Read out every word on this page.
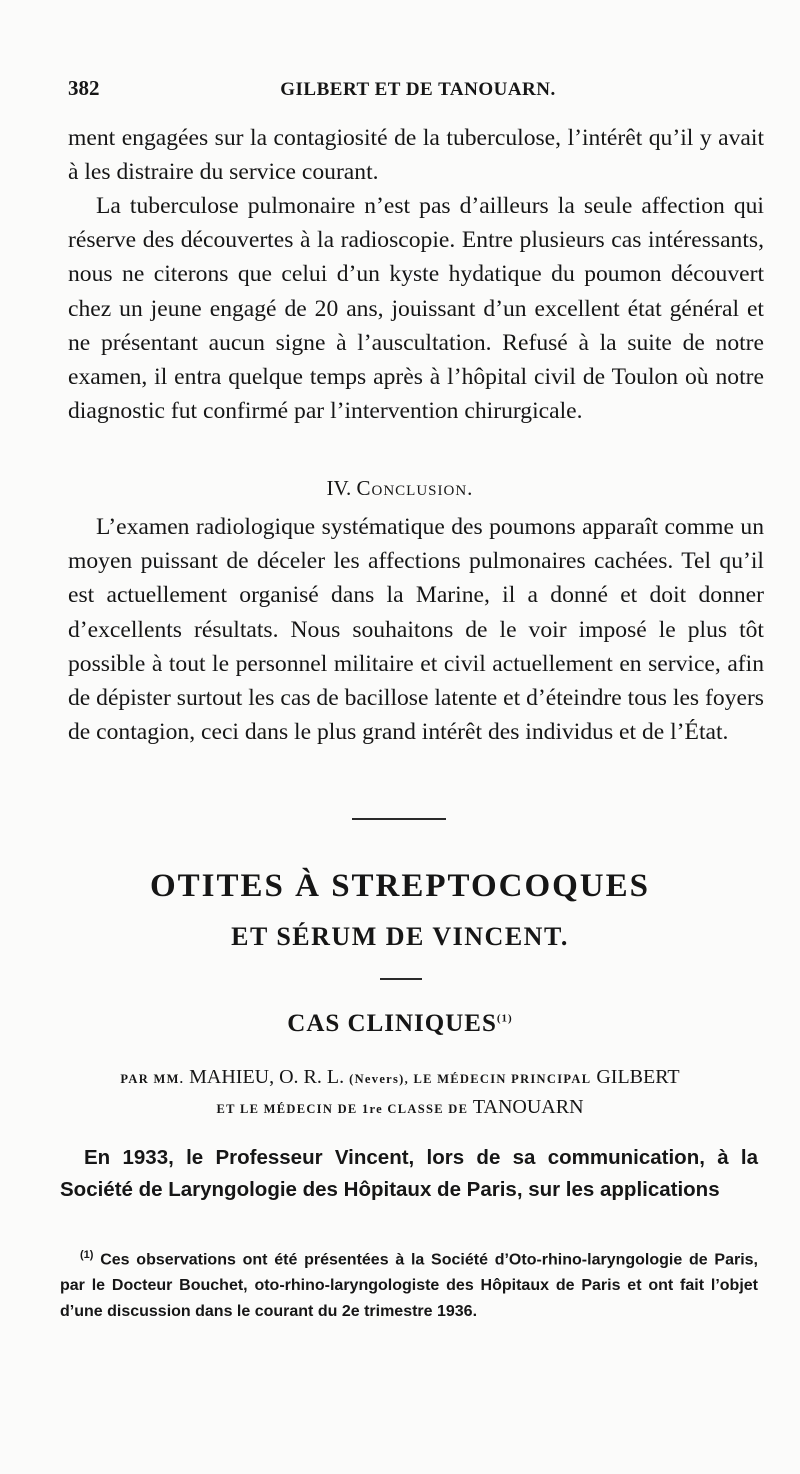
382	GILBERT ET DE TANOUARN.

ment engagées sur la contagiosité de la tuberculose, l’intérêt qu’il y avait à les distraire du service courant.

La tuberculose pulmonaire n’est pas d’ailleurs la seule affection qui réserve des découvertes à la radioscopie. Entre plusieurs cas intéressants, nous ne citerons que celui d’un kyste hydatique du poumon découvert chez un jeune engagé de 20 ans, jouissant d’un excellent état général et ne présentant aucun signe à l’auscultation. Refusé à la suite de notre examen, il entra quelque temps après à l’hôpital civil de Toulon où notre diagnostic fut confirmé par l’intervention chirurgicale.

IV. Conclusion.

L’examen radiologique systématique des poumons apparaît comme un moyen puissant de déceler les affections pulmonaires cachées. Tel qu’il est actuellement organisé dans la Marine, il a donné et doit donner d’excellents résultats. Nous souhaitons de le voir imposé le plus tôt possible à tout le personnel militaire et civil actuellement en service, afin de dépister surtout les cas de bacillose latente et d’éteindre tous les foyers de contagion, ceci dans le plus grand intérêt des individus et de l’État.

OTITES À STREPTOCOQUES
ET SÉRUM DE VINCENT.
CAS CLINIQUES$^{(1)}$

PAR MM. MAHIEU, O. R. L. (Nevers), LE MÉDECIN PRINCIPAL GILBERT

ET LE MÉDECIN DE 1re CLASSE DE TANOUARN

En 1933, le Professeur Vincent, lors de sa communication, à la Société de Laryngologie des Hôpitaux de Paris, sur les applications

$^{(1)}$ Ces observations ont été présentées à la Société d’Oto-rhino-laryngologie de Paris, par le Docteur Bouchet, oto-rhino-laryngologiste des Hôpitaux de Paris et ont fait l’objet d’une discussion dans le courant du 2e trimestre 1936.
